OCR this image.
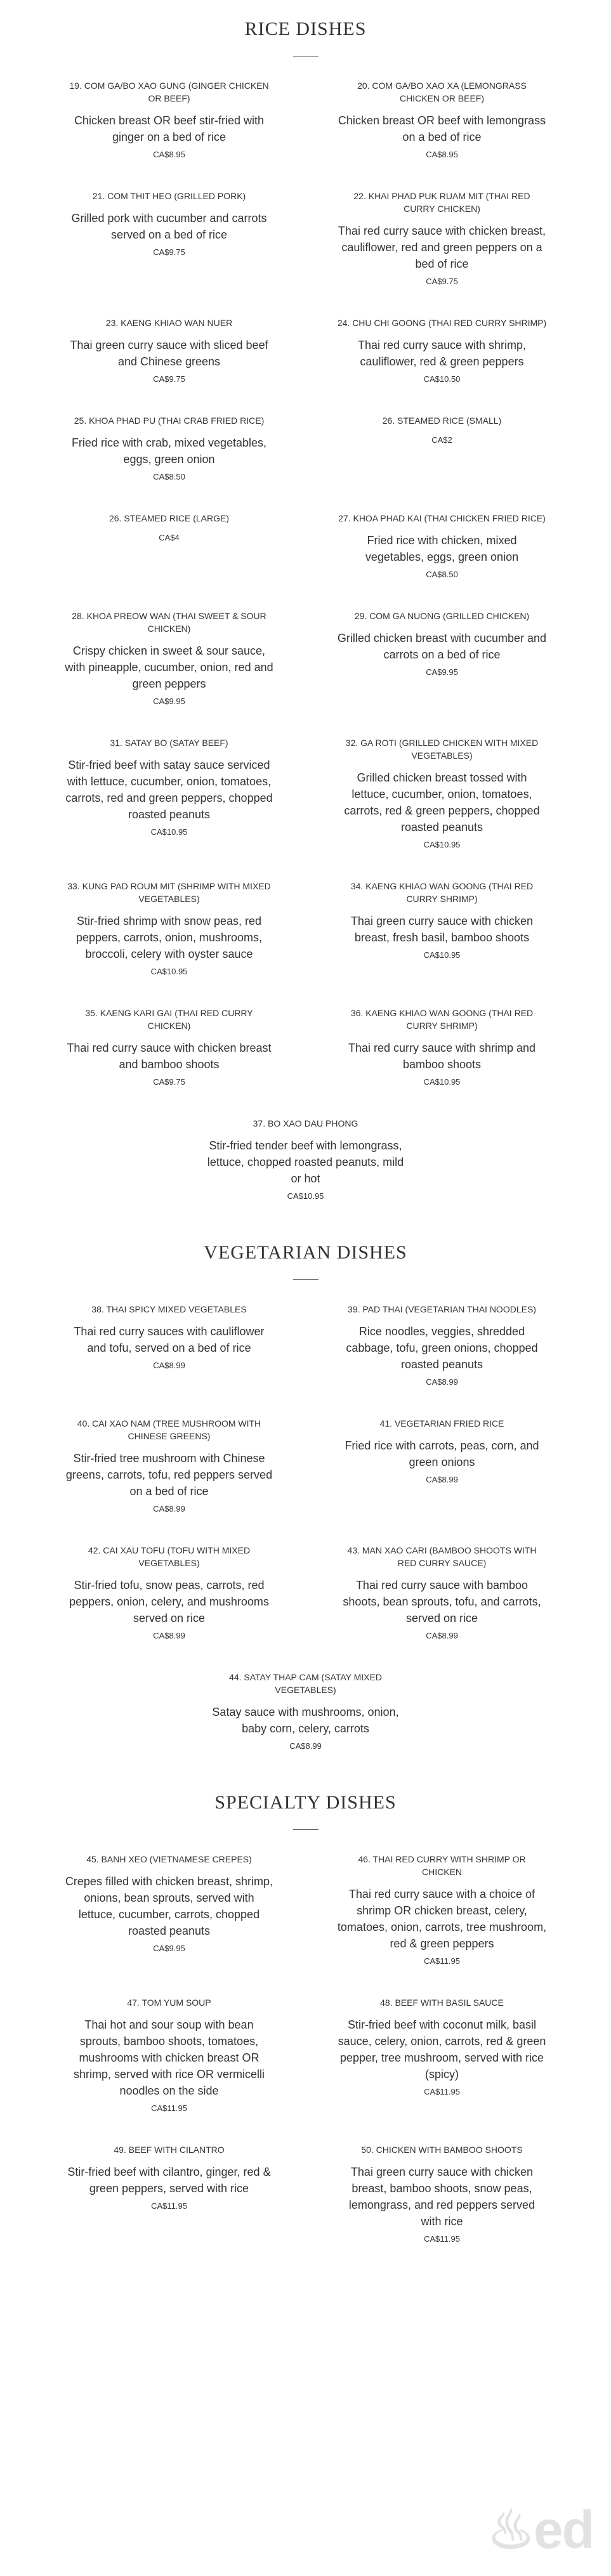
RICE DISHES

19. COM GA/BO XAO GUNG (GINGER CHICKEN OR BEEF)

Chicken breast OR beef stir-fried with ginger on a bed of rice

CA$8.95

20. COM GA/BO XAO XA (LEMONGRASS CHICKEN OR BEEF)

Chicken breast OR beef with lemongrass on a bed of rice

CA$8.95

21. COM THIT HEO (GRILLED PORK)

Grilled pork with cucumber and carrots served on a bed of rice

CA$9.75

22. KHAI PHAD PUK RUAM MIT (THAI RED CURRY CHICKEN)

Thai red curry sauce with chicken breast, cauliflower, red and green peppers on a bed of rice

CA$9.75

23. KAENG KHIAO WAN NUER

Thai green curry sauce with sliced beef and Chinese greens

CA$9.75

24. CHU CHI GOONG (THAI RED CURRY SHRIMP)

Thai red curry sauce with shrimp, cauliflower, red & green peppers

CA$10.50

25. KHOA PHAD PU (THAI CRAB FRIED RICE)

Fried rice with crab, mixed vegetables, eggs, green onion

CA$8.50

26. STEAMED RICE (SMALL)

CA$2

26. STEAMED RICE (LARGE)

CA$4

27. KHOA PHAD KAI (THAI CHICKEN FRIED RICE)

Fried rice with chicken, mixed vegetables, eggs, green onion

CA$8.50

28. KHOA PREOW WAN (THAI SWEET & SOUR CHICKEN)

Crispy chicken in sweet & sour sauce, with pineapple, cucumber, onion, red and green peppers

CA$9.95

29. COM GA NUONG (GRILLED CHICKEN)

Grilled chicken breast with cucumber and carrots on a bed of rice

CA$9.95

31. SATAY BO (SATAY BEEF)

Stir-fried beef with satay sauce serviced with lettuce, cucumber, onion, tomatoes, carrots, red and green peppers, chopped roasted peanuts

CA$10.95

32. GA ROTI (GRILLED CHICKEN WITH MIXED VEGETABLES)

Grilled chicken breast tossed with lettuce, cucumber, onion, tomatoes, carrots, red & green peppers, chopped roasted peanuts

CA$10.95

33. KUNG PAD ROUM MIT (SHRIMP WITH MIXED VEGETABLES)

Stir-fried shrimp with snow peas, red peppers, carrots, onion, mushrooms, broccoli, celery with oyster sauce

CA$10.95

34. KAENG KHIAO WAN GOONG (THAI RED CURRY SHRIMP)

Thai green curry sauce with chicken breast, fresh basil, bamboo shoots

CA$10.95

35. KAENG KARI GAI (THAI RED CURRY CHICKEN)

Thai red curry sauce with chicken breast and bamboo shoots

CA$9.75

36. KAENG KHIAO WAN GOONG (THAI RED CURRY SHRIMP)

Thai red curry sauce with shrimp and bamboo shoots

CA$10.95

37. BO XAO DAU PHONG

Stir-fried tender beef with lemongrass, lettuce, chopped roasted peanuts, mild or hot

CA$10.95

VEGETARIAN DISHES

38. THAI SPICY MIXED VEGETABLES

Thai red curry sauces with cauliflower and tofu, served on a bed of rice

CA$8.99

39. PAD THAI (VEGETARIAN THAI NOODLES)

Rice noodles, veggies, shredded cabbage, tofu, green onions, chopped roasted peanuts

CA$8.99

40. CAI XAO NAM (TREE MUSHROOM WITH CHINESE GREENS)

Stir-fried tree mushroom with Chinese greens, carrots, tofu, red peppers served on a bed of rice

CA$8.99

41. VEGETARIAN FRIED RICE

Fried rice with carrots, peas, corn, and green onions

CA$8.99

42. CAI XAU TOFU (TOFU WITH MIXED VEGETABLES)

Stir-fried tofu, snow peas, carrots, red peppers, onion, celery, and mushrooms served on rice

CA$8.99

43. MAN XAO CARI (BAMBOO SHOOTS WITH RED CURRY SAUCE)

Thai red curry sauce with bamboo shoots, bean sprouts, tofu, and carrots, served on rice

CA$8.99

44. SATAY THAP CAM (SATAY MIXED VEGETABLES)

Satay sauce with mushrooms, onion, baby corn, celery, carrots

CA$8.99

SPECIALTY DISHES

45. BANH XEO (VIETNAMESE CREPES)

Crepes filled with chicken breast, shrimp, onions, bean sprouts, served with lettuce, cucumber, carrots, chopped roasted peanuts

CA$9.95

46. THAI RED CURRY WITH SHRIMP OR CHICKEN

Thai red curry sauce with a choice of shrimp OR chicken breast, celery, tomatoes, onion, carrots, tree mushroom, red & green peppers

CA$11.95

47. TOM YUM SOUP

Thai hot and sour soup with bean sprouts, bamboo shoots, tomatoes, mushrooms with chicken breast OR shrimp, served with rice OR vermicelli noodles on the side

CA$11.95

48. BEEF WITH BASIL SAUCE

Stir-fried beef with coconut milk, basil sauce, celery, onion, carrots, red & green pepper, tree mushroom, served with rice (spicy)

CA$11.95

49. BEEF WITH CILANTRO

Stir-fried beef with cilantro, ginger, red & green peppers, served with rice

CA$11.95

50. CHICKEN WITH BAMBOO SHOOTS

Thai green curry sauce with chicken breast, bamboo shoots, snow peas, lemongrass, and red peppers served with rice

CA$11.95

♨ed
